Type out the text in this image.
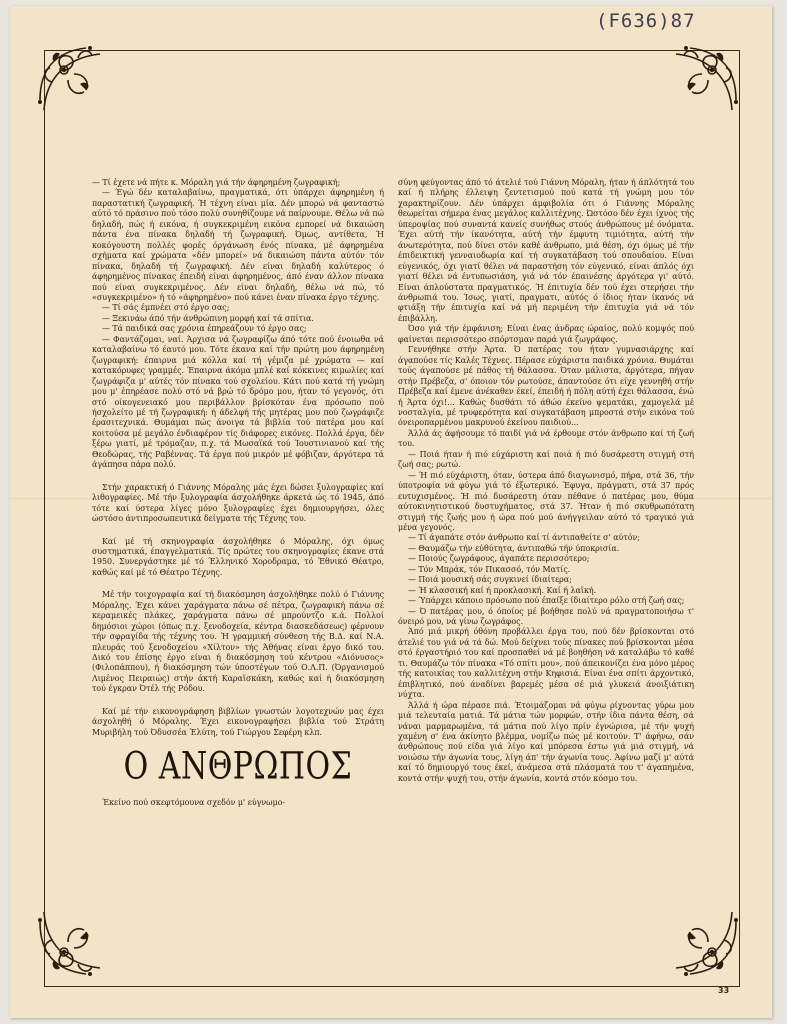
(F636)87

— Τί έχετε νά πήτε κ. Μόραλη γιά τήν άφηρημένη ζωγραφική;

— Έγώ δέν καταλαβαίνω, πραγματικά, ότι ύπάρχει άφηρημένη ή παραστατική ζωγραφική. Ή τέχνη είναι μία. Δέν μπορώ νά φανταστώ αύτό τό πράσινο πού τόσο πολύ συνηθίζουμε νά παίρνουμε. Θέλω νά πώ δηλαδή, πώς ή εικόνα, ή συγκεκριμένη εικόνα εμπορεί νά δικαιώση πάντα ένα πίνακα δηλαδή τή ζωγραφική. Όμως, αντίθετα, Ή κοκόγουστη πολλές φορές όργάνωση ένός πίνακα, μέ άφηρημένα σχήματα καί χρώματα «δέν μπορεί» νά δικαιώση πάντα αύτόν τόν πίνακα, δηλαδή τή ζωγραφική. Δέν είναι δηλαδή καλύτερος ό άφηρημένος πίνακας έπειδή είναι άφηρημένος, άπό έναν άλλον πίνακα πού είναι συγκεκριμένος. Δέν είναι δηλαδή, θέλω νά πώ, τό «συγκεκριμένο» ή τό «άφηρημένο» πού κάνει έναν πίνακα έργο τέχνης.

— Τί σάς έμπνέει στό έργο σας;

— Ξεκινάω άπό τήν άνθρώπινη μορφή καί τά σπίτια.

— Τά παιδικά σας χρόνια έπηρεάζουν τό έργο σας;

— Φαντάζομαι, ναί. Άρχισα νά ζωγραφίζω άπό τότε πού ένοιωθα νά καταλαβαίνω τό έαυτό μου. Τότε έκανα καί τήν πρώτη μου άφηρημένη ζωγραφική: έπαιρνα μιά κόλλα καί τή γέμιζα μέ χρώματα — καί κατακόρυφες γραμμές. Έπαιρνα άκόμα μπλέ καί κόκκινες κιμωλίες καί ζωγράφιζα μ' αύτές τόν πίνακα τού σχολείου. Κάτι πού κατά τή γνώμη μου μ' έπηρέασε πολύ στό νά βρώ τό δρόμο μου, ήταν τό γεγονός, ότι στό οίκογενειακό μου περιβάλλον βρίσκόταν ένα πρόσωπο πού ήσχολείτο μέ τή ζωγραφική: ή άδελφή τής μητέρας μου πού ζωγράφιζε έρασιτεχνικά. Θυμάμαι πώς άνοιγα τά βιβλία τού πατέρα μου καί κοιτούσα μέ μεγάλο ένδιαφέρον τίς διάφορες εικόνες. Πολλά έργα, δέν ξέρω γιατί, μέ τρόμαζαν, π.χ. τά Μωσαϊκά τού Ίουστινιανού καί τής Θεοδώρας, τής Ραβέννας. Τά έργα πού μικρόν μέ φόβιζαν, άργότερα τά άγάπησα πάρα πολύ.

Στήν χαρακτική ό Γιάννης Μόραλης μάς έχει δώσει ξυλογραφίες καί λιθογραφίες. Μέ τήν ξυλογραφία άσχολήθηκε άρκετά ώς τό 1945, άπό τότε καί ύστερα λίγες μόνο ξυλογραφίες έχει δημιουργήσει, όλες ώστόσο άντιπροσωπευτικά δείγματα τής Τέχνης του.

Καί μέ τή σκηνογραφία άσχολήθηκε ό Μόραλης, όχι όμως συστηματικά, έπαγγελματικά. Τίς πρώτες του σκηνογραφίες έκανε στά 1950. Συνεργάστηκε μέ τό Έλληνικό Χοροδραμα, τό Έθνικό Θέατρο, καθώς καί μέ τό Θέατρο Τέχνης.

Μέ τήν τοιχογραφία καί τή διακόσμηση άσχολήθηκε πολύ ό Γιάννης Μόραλης. Έχει κάνει χαράγματα πάνω σέ πέτρα, ζωγραφική πάνω σέ κεραμεικές πλάκες, χαράγματα πάνω σέ μπρούντζο κ.ά. Πολλοί δημόσιοι χώροι (όπως π.χ. ξενοδοχεία, κέντρα διασκεδάσεως) φέρνουν τήν σφραγίδα τής τέχνης του. Ή γραμμική σύνθεση τής Β.Δ. καί Ν.Α. πλευράς τού ξενοδοχείου «Χίλτον» τής Άθήνας είναι έργο δικό του. Δικό του έπίσης έργο είναι ή διακόσμηση τού κέντρου «Διόνυσος» (Φιλοπάππου), ή διακόσμηση τών ύποστέγων τού Ο.Λ.Π. (Όργανισμού Λιμένος Πειραιώς) στήν άκτή Καραϊσκάκη, καθώς καί ή διακόσμηση τού έγκραν Ότέλ τής Ρόδου.

Καί μέ τήν εικονογράφηση βιβλίων γνωστών λογοτεχνών μας έχει άσχοληθή ό Μόραλης. Έχει εικονογραφήσει βιβλία τού Στράτη Μυριβήλη τού Όδυσσέα Έλύτη, τού Γιώργου Σεφέρη κλπ.

Ο ΑΝΘΡΩΠΟΣ

Έκείνο πού σκεφτόμουνα σχεδόν μ' εύγνωμο-

σύνη φεύγοντας άπό τό άτελιέ τού Γιάννη Μόραλη, ήταν ή άπλότητά του καί ή πλήρης έλλειψη ζεντετισμού πού κατά τή γνώμη μου τόν χαρακτηρίζουν. Δέν ύπάρχει άμφιβολία ότι ό Γιάννης Μόραλης θεωρείται σήμερα ένας μεγάλος καλλιτέχνης. Ώστόσο δέν έχει ίχνος τής ύπεροψίας πού συναντά κανείς συνήθως στούς άνθρώπους μέ όνόματα. Έχει αύτή τήν ίκανότητα, αύτή τήν έμφυτη τιμιότητα, αύτή τήν άνωτερότητα, πού δίνει στόν καθέ άνθρωπο, μιά θέση, όχι όμως μέ τήν έπιδεικτική γενναιοδωρία καί τή συγκατάβαση τού σπουδαίου. Είναι εύγενικός, όχι γιατί θέλει νά παραστήση τόν εύγενικό, είναι άπλός όχι γιατί θέλει νά έντυπωσιάση, γιά νά τόν έπαινέσης άργότερα γι' αύτό. Είναι άπλούστατα πραγματικός. Ή έπιτυχία δέν τού έχει στερήσει τήν άνθρωπιά του. Ίσως, γιατί, πραγματι, αύτός ό ίδιος ήταν ίκανός νά φτιάξη τήν έπιτυχία καί νά μή περιμένη τήν έπιτυχία γιά νά τόν έπιβάλλη.

Όσο γιά τήν έμφάνιση; Είναι ένας άνδρας ώραίος, πολύ κομψός πού φαίνεται περισσότερο σπόρτσμαν παρά γιά ζωγράφος.

Γεννήθηκε στήν Άρτα. Ό πατέρας του ήταν γυμνασιάρχης καί άγαπούσε τίς Καλές Τέχνες. Πέρασε εύχάριστα παιδικά χρόνια. Θυμάται τούς άγαπούσε μέ πάθος τή θάλασσα. Όταν μάλιστα, άργότερα, πήγαν στήν Πρέβεζα, σ' όποιον τόν ρωτούσε, άπαντούσε ότι είχε γεννηθή στήν Πρέβεζα καί έμενε άνέκαθεν έκεί, έπειδή ή πόλη αύτή έχει θάλασσα, ένώ ή Άρτα όχι!... Καθώς δυσθάτι τό άθώο έκείνο ψεματάκι, χαμογελά μέ νοσταλγία, μέ τρυφερότητα καί συγκατάβαση μπροστά στήν εικόνα τού όνειροπαρμένου μακρυνού έκείνου παιδιού...

Άλλά άς άφήσουμε τό παιδί γιά νά έρθουμε στόν άνθρωπο καί τή ζωή του.

— Ποιά ήταν ή πιό εύχάριστη καί ποιά ή πιό δυσάρεστη στιγμή στή ζωή σας; ρωτώ.

— Ή πιό εύχάριστη, όταν, ύστερα άπό διαγωνισμό, πήρα, στά 36, τήν ύποτροφία νά φύγω γιά τό έξωτερικό. Έφυγα, πράγματι, στά 37 πρός ευτυχισμένος. Ή πιό δυσάρεστη όταν πέθανε ό πατέρας μου, θύμα αύτοκινητιστικού δυστυχήματος, στά 37. Ήταν ή πιό σκυθρωπότατη στιγμή τής ζωής μου ή ώρα πού μού άνήγγειλαν αύτό τό τραγικό γιά μένα γεγονός.

— Τί άγαπάτε στόν άνθρωπο καί τί άντιπαθείτε σ' αύτόν;

— Θαυμάζω τήν εύθύτητα, άντιπαθώ τήν ύποκρισία.

— Ποιούς ζωγράφους, άγαπάτε περισσότερο;

— Τόν Μπράκ, τόν Πικασσό, τόν Ματίς.

— Ποιά μουσική σάς συγκινεί ίδιαίτερα;

— Ή κλασσική καί ή προκλασική. Καί ή λαϊκή.

— Ύπάρχει κάποιο πρόσωπο πού έπαίξε ίδιαίτερο ρόλο στή ζωή σας;

— Ό πατέρας μου, ό όποίος μέ βοήθησε πολύ νά πραγματοποιήσω τ' όνειρό μου, νά γίνω ζωγράφος.

Άπό μιά μικρή όθόνη προβάλλει έργα του, πού δέν βρίσκονται στό άτελιέ του γιά νά τά δώ. Μού δείχνει τούς πίνακες πού βρίσκονται μέσα στό έργαστήριό του καί προσπαθεί νά μέ βοηθήση νά καταλάβω τό καθέ τι. Θαυμάζω τόν πίνακα «Τό σπίτι μου», πού άπεικονίζει ένα μόνο μέρος τής κατοικίας του καλλιτέχνη στήν Κηφισιά. Είναι ένα σπίτι άρχοντικό, έπιβλητικό, πού άναδίνει βαρεμές μέσα σέ μιά γλυκειά άνοιξιάτικη νύχτα.

Άλλά ή ώρα πέρασε πιά. Έτοιμάζομαι νά φύγω ρίχνοντας γύρω μου μιά τελευταία ματιά. Τά μάτια τών μορφών, στήν ίδια πάντα θέση, σά νάναι μαρμαρωμένα, τά μάτια πού λίγο πρίν έγνώρισα, μέ τήν ψυχή χαμένη σ' ένα άκίνητο βλέμμα, νομίζω πώς μέ κοιτούν. Τ' άφήνω, σάν άνθρώπους πού είδα γιά λίγο καί μπόρεσα έστω γιά μιά στιγμή, νά νοιώσω τήν άγωνία τους, λίγη άπ' τήν άγωνία τους. Άφίνω μαζί μ' αύτά καί τό δημιουργό τους έκεί, άνάμεσα στά πλάσματά του τ' άγαπημένα, κοντά στήν ψυχή του, στήν άγωνία, κοντά στόν κόσμο του.

33
